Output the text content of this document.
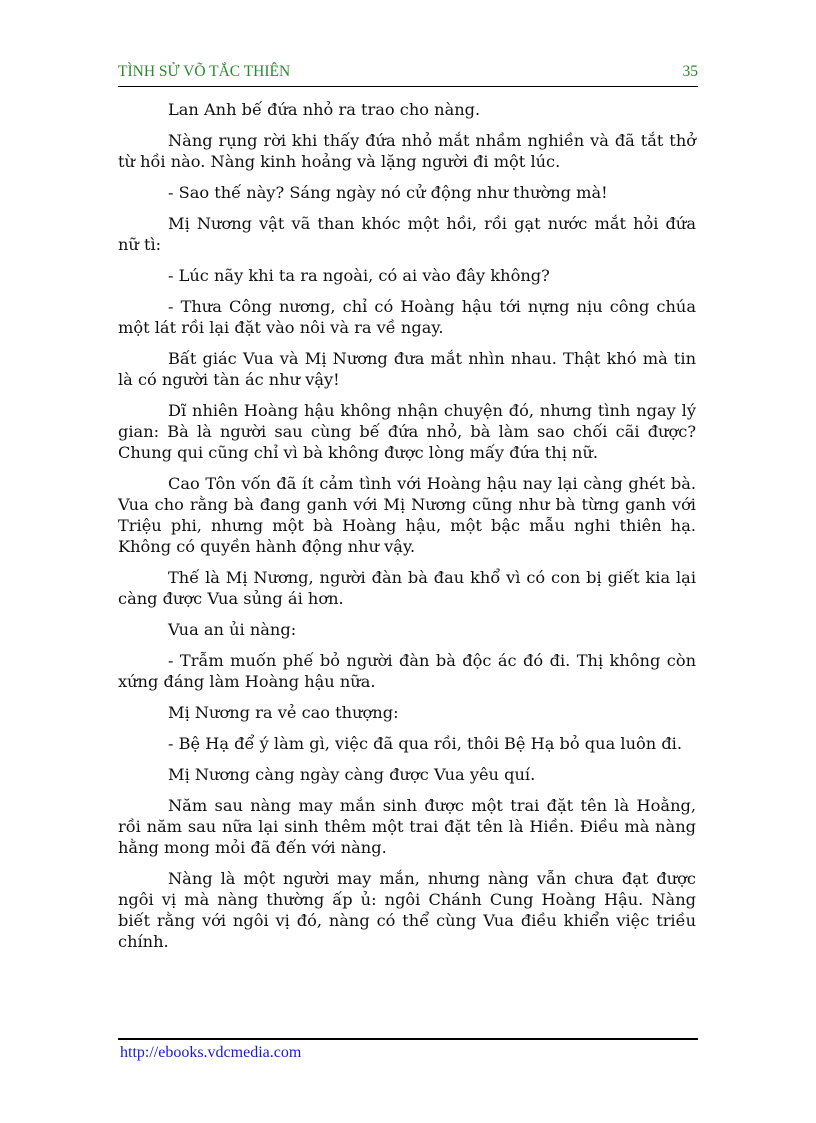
TÌNH SỬ VÕ TẮC THIÊN	35

Lan Anh bế đứa nhỏ ra trao cho nàng.

Nàng rụng rời khi thấy đứa nhỏ mắt nhầm nghiền và đã tắt thở từ hồi nào. Nàng kinh hoảng và lặng người đi một lúc.

- Sao thế này? Sáng ngày nó cử động như thường mà!

Mị Nương vật vã than khóc một hồi, rồi gạt nước mắt hỏi đứa nữ tì:

- Lúc nãy khi ta ra ngoài, có ai vào đây không?

- Thưa Công nương, chỉ có Hoàng hậu tới nựng nịu công chúa một lát rồi lại đặt vào nôi và ra về ngay.

Bất giác Vua và Mị Nương đưa mắt nhìn nhau. Thật khó mà tin là có người tàn ác như vậy!

Dĩ nhiên Hoàng hậu không nhận chuyện đó, nhưng tình ngay lý gian: Bà là người sau cùng bế đứa nhỏ, bà làm sao chối cãi được? Chung qui cũng chỉ vì bà không được lòng mấy đứa thị nữ.

Cao Tôn vốn đã ít cảm tình với Hoàng hậu nay lại càng ghét bà. Vua cho rằng bà đang ganh với Mị Nương cũng như bà từng ganh với Triệu phi, nhưng một bà Hoàng hậu, một bậc mẫu nghi thiên hạ. Không có quyền hành động như vậy.

Thế là Mị Nương, người đàn bà đau khổ vì có con bị giết kia lại càng được Vua sủng ái hơn.

Vua an ủi nàng:

- Trẫm muốn phế bỏ người đàn bà độc ác đó đi. Thị không còn xứng đáng làm Hoàng hậu nữa.

Mị Nương ra vẻ cao thượng:

- Bệ Hạ để ý làm gì, việc đã qua rồi, thôi Bệ Hạ bỏ qua luôn đi.

Mị Nương càng ngày càng được Vua yêu quí.

Năm sau nàng may mắn sinh được một trai đặt tên là Hoằng, rồi năm sau nữa lại sinh thêm một trai đặt tên là Hiền. Điều mà nàng hằng mong mỏi đã đến với nàng.

Nàng là một người may mắn, nhưng nàng vẫn chưa đạt được ngôi vị mà nàng thường ấp ủ: ngôi Chánh Cung Hoàng Hậu. Nàng biết rằng với ngôi vị đó, nàng có thể cùng Vua điều khiển việc triều chính.

http://ebooks.vdcmedia.com
